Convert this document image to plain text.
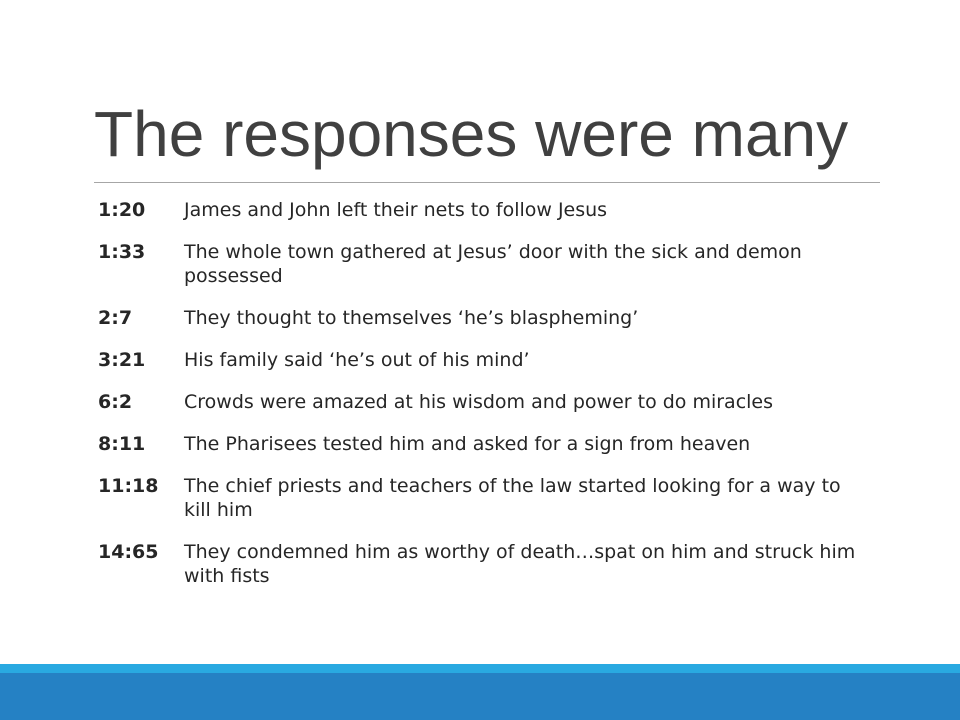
The responses were many
1:20	James and John left their nets to follow Jesus
1:33	The whole town gathered at Jesus’ door with the sick and demon possessed
2:7	They thought to themselves ‘he’s blaspheming’
3:21	His family said ‘he’s out of his mind’
6:2	Crowds were amazed at his wisdom and power to do miracles
8:11	The Pharisees tested him and asked for a sign from heaven
11:18	The chief priests and teachers of the law started looking for a way to kill him
14:65	They condemned him as worthy of death…spat on him and struck him with fists
